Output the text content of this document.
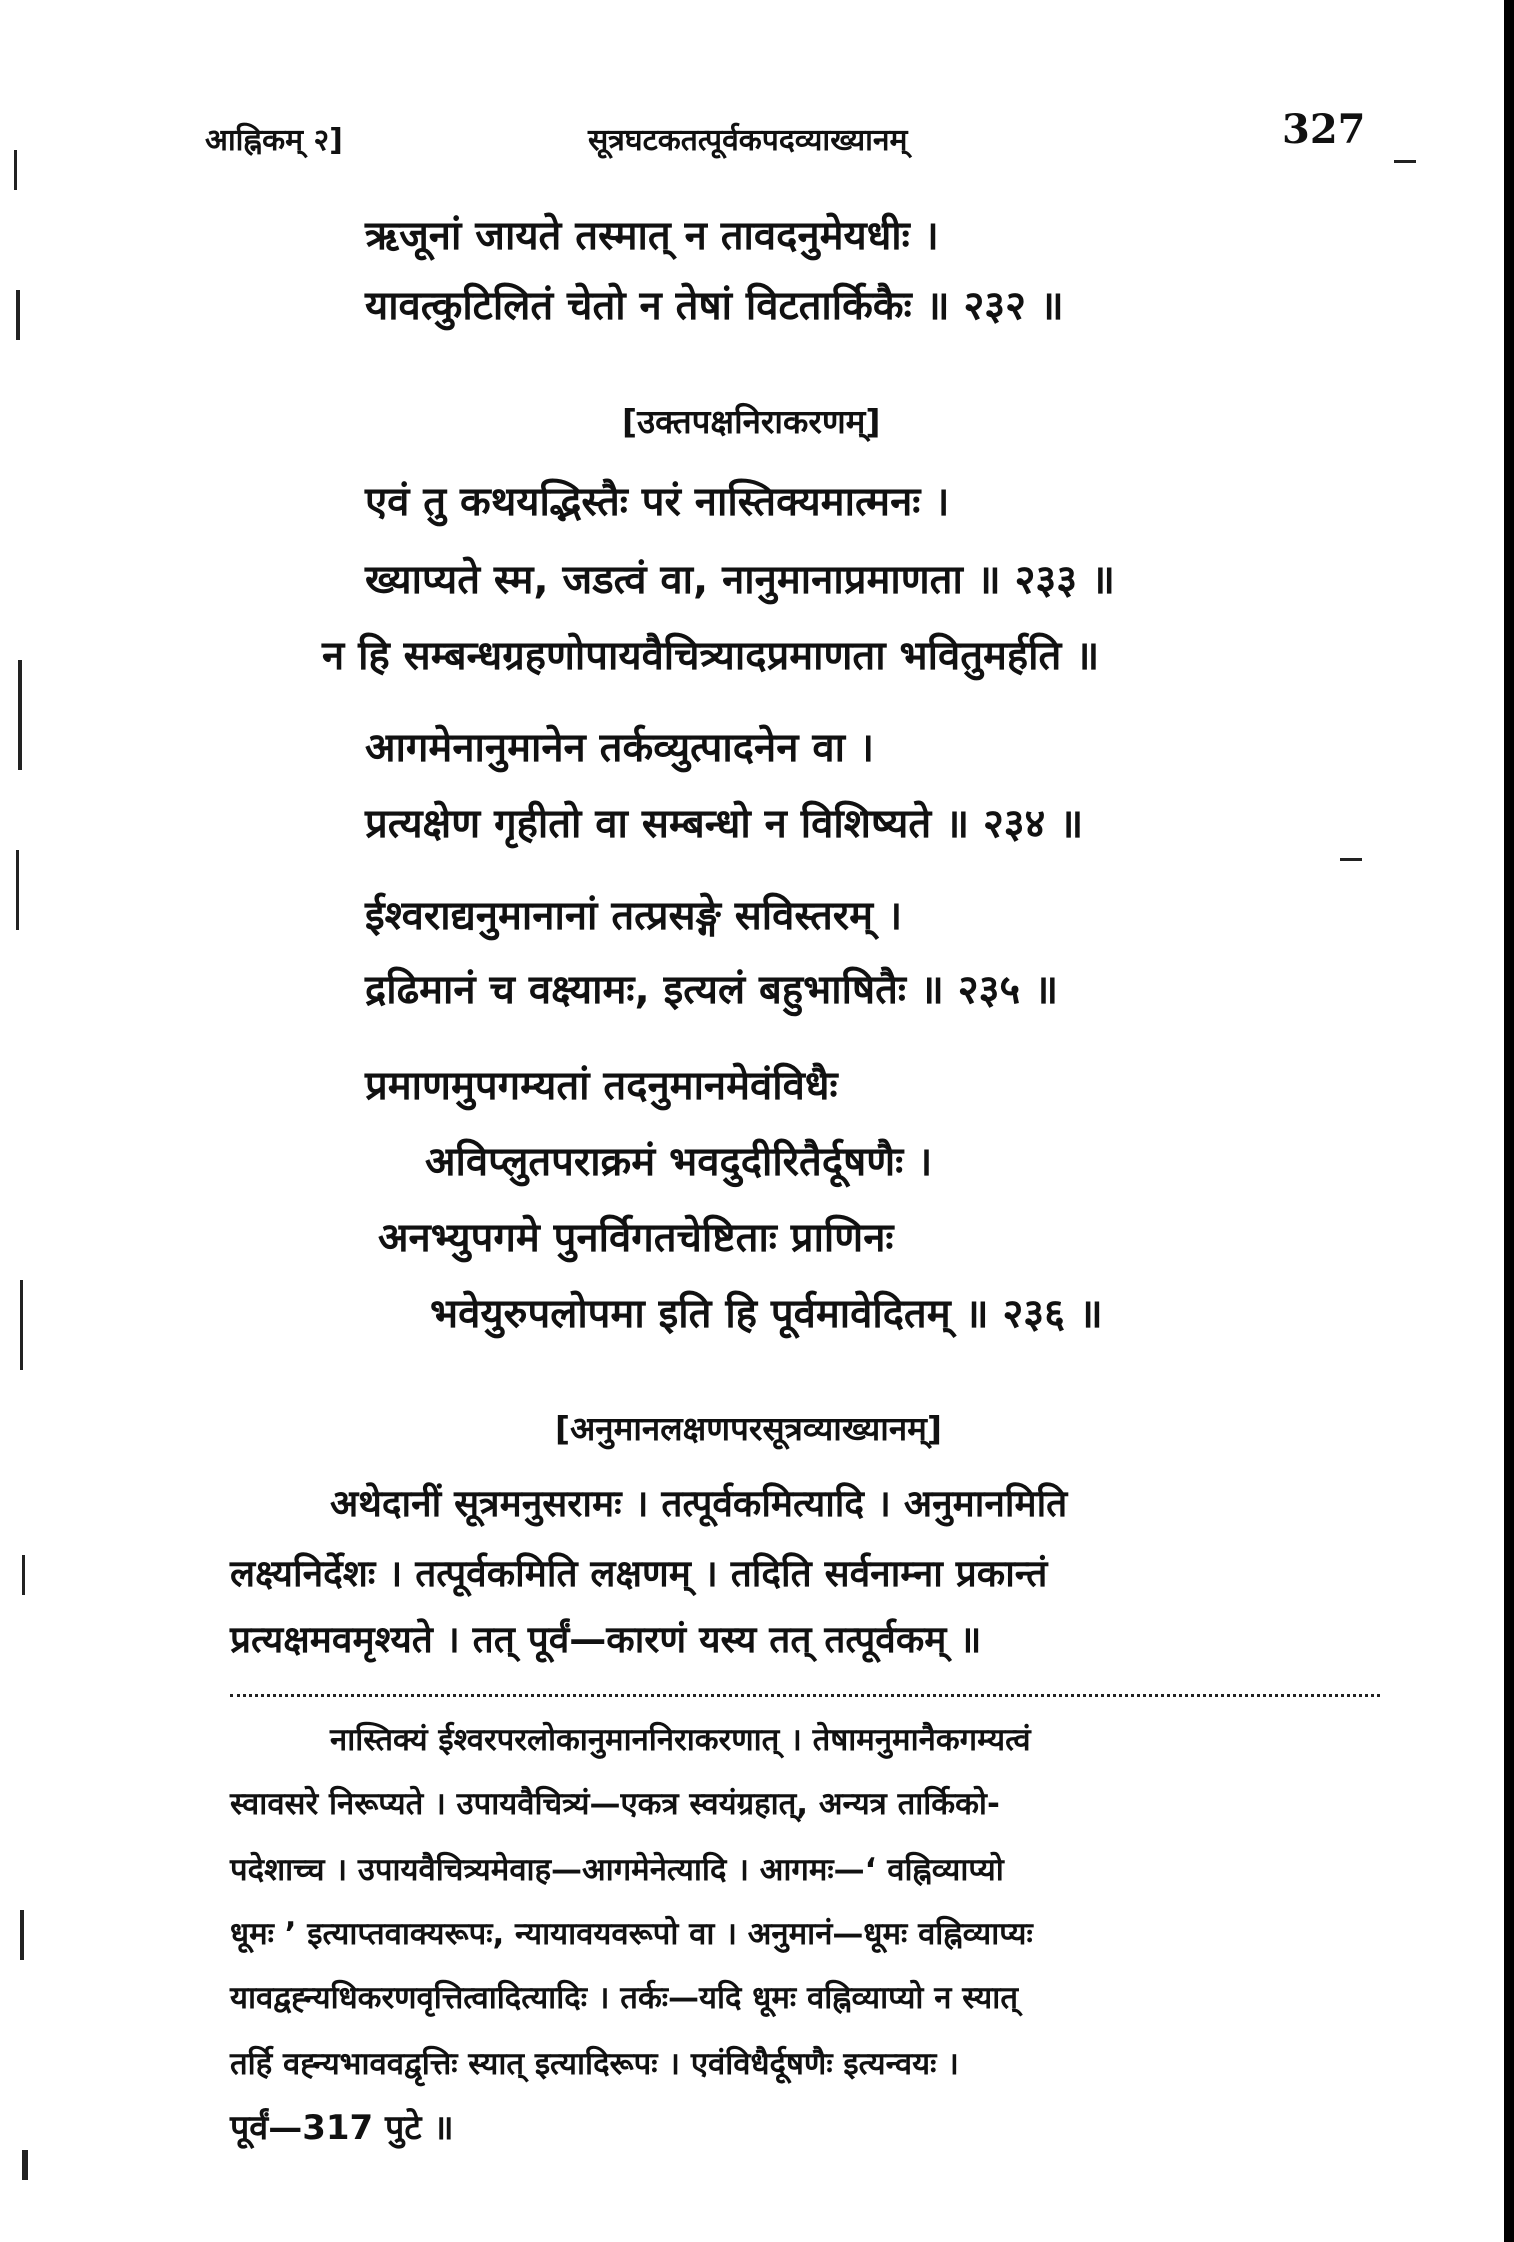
आह्निकम् २]	सूत्रघटकतत्पूर्वकपदव्याख्यानम्	327
ऋजूनां जायते तस्मात् न तावदनुमेयधीः ।
यावत्कुटिलितं चेतो न तेषां विटतार्किकैः ॥ २३२ ॥
[उक्तपक्षनिराकरणम्]
एवं तु कथयद्भिस्तैः परं नास्तिक्यमात्मनः ।
ख्याप्यते स्म, जडत्वं वा, नानुमानाप्रमाणता ॥ २३३ ॥
न हि सम्बन्धग्रहणोपायवैचित्र्यादप्रमाणता भवितुमर्हति ॥
आगमेनानुमानेन तर्कव्युत्पादनेन वा ।
प्रत्यक्षेण गृहीतो वा सम्बन्धो न विशिष्यते ॥ २३४ ॥
ईश्वराद्यनुमानानां तत्प्रसङ्गे सविस्तरम् ।
द्रढिमानं च वक्ष्यामः, इत्यलं बहुभाषितैः ॥ २३५ ॥
प्रमाणमुपगम्यतां तदनुमानमेवंविधैः
अविप्लुतपराक्रमं भवदुदीरितैर्दूषणैः ।
अनभ्युपगमे पुनर्विगतचेष्टिताः प्राणिनः
भवेयुरुपलोपमा इति हि पूर्वमावेदितम् ॥ २३६ ॥
[अनुमानलक्षणपरसूत्रव्याख्यानम्]
अथेदानीं सूत्रमनुसरामः । तत्पूर्वकमित्यादि । अनुमानमिति
लक्ष्यनिर्देशः । तत्पूर्वकमिति लक्षणम् । तदिति सर्वनाम्ना प्रकान्तं
प्रत्यक्षमवमृश्यते । तत् पूर्वं—कारणं यस्य तत् तत्पूर्वकम् ॥
नास्तिक्यं ईश्वरपरलोकानुमाननिराकरणात् । तेषामनुमानैकगम्यत्वं
स्वावसरे निरूप्यते । उपायवैचित्र्यं—एकत्र स्वयंग्रहात्, अन्यत्र तार्किको-
पदेशाच्च । उपायवैचित्र्यमेवाह—आगमेनेत्यादि । आगमः—‘ वह्निव्याप्यो
धूमः ’ इत्याप्तवाक्यरूपः, न्यायावयवरूपो वा । अनुमानं—धूमः वह्निव्याप्यः
यावद्वह्न्यधिकरणवृत्तित्वादित्यादिः । तर्कः—यदि धूमः वह्निव्याप्यो न स्यात्
तर्हि वह्न्यभाववद्वृत्तिः स्यात् इत्यादिरूपः । एवंविधैर्दूषणैः इत्यन्वयः ।
पूर्वं—317 पुटे ॥
